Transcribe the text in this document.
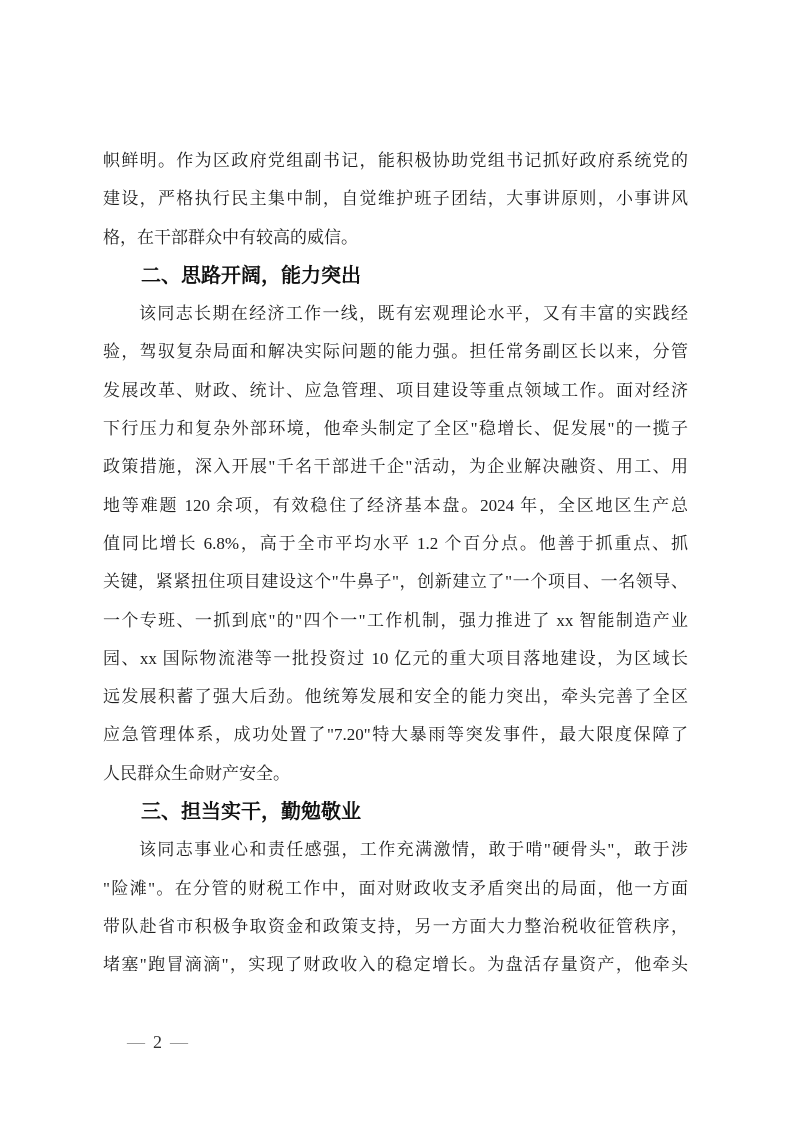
帜鲜明。作为区政府党组副书记，能积极协助党组书记抓好政府系统党的
建设，严格执行民主集中制，自觉维护班子团结，大事讲原则，小事讲风
格，在干部群众中有较高的威信。
二、思路开阔，能力突出
该同志长期在经济工作一线，既有宏观理论水平，又有丰富的实践经
验，驾驭复杂局面和解决实际问题的能力强。担任常务副区长以来，分管
发展改革、财政、统计、应急管理、项目建设等重点领域工作。面对经济
下行压力和复杂外部环境，他牵头制定了全区"稳增长、促发展"的一揽子
政策措施，深入开展"千名干部进千企"活动，为企业解决融资、用工、用
地等难题 120 余项，有效稳住了经济基本盘。2024 年，全区地区生产总
值同比增长 6.8%，高于全市平均水平 1.2 个百分点。他善于抓重点、抓
关键，紧紧扭住项目建设这个"牛鼻子"，创新建立了"一个项目、一名领导、
一个专班、一抓到底"的"四个一"工作机制，强力推进了 xx 智能制造产业
园、xx 国际物流港等一批投资过 10 亿元的重大项目落地建设，为区域长
远发展积蓄了强大后劲。他统筹发展和安全的能力突出，牵头完善了全区
应急管理体系，成功处置了"7.20"特大暴雨等突发事件，最大限度保障了
人民群众生命财产安全。
三、担当实干，勤勉敬业
该同志事业心和责任感强，工作充满激情，敢于啃"硬骨头"，敢于涉
"险滩"。在分管的财税工作中，面对财政收支矛盾突出的局面，他一方面
带队赴省市积极争取资金和政策支持，另一方面大力整治税收征管秩序，
堵塞"跑冒滴滴"，实现了财政收入的稳定增长。为盘活存量资产，他牵头
— 2 —
